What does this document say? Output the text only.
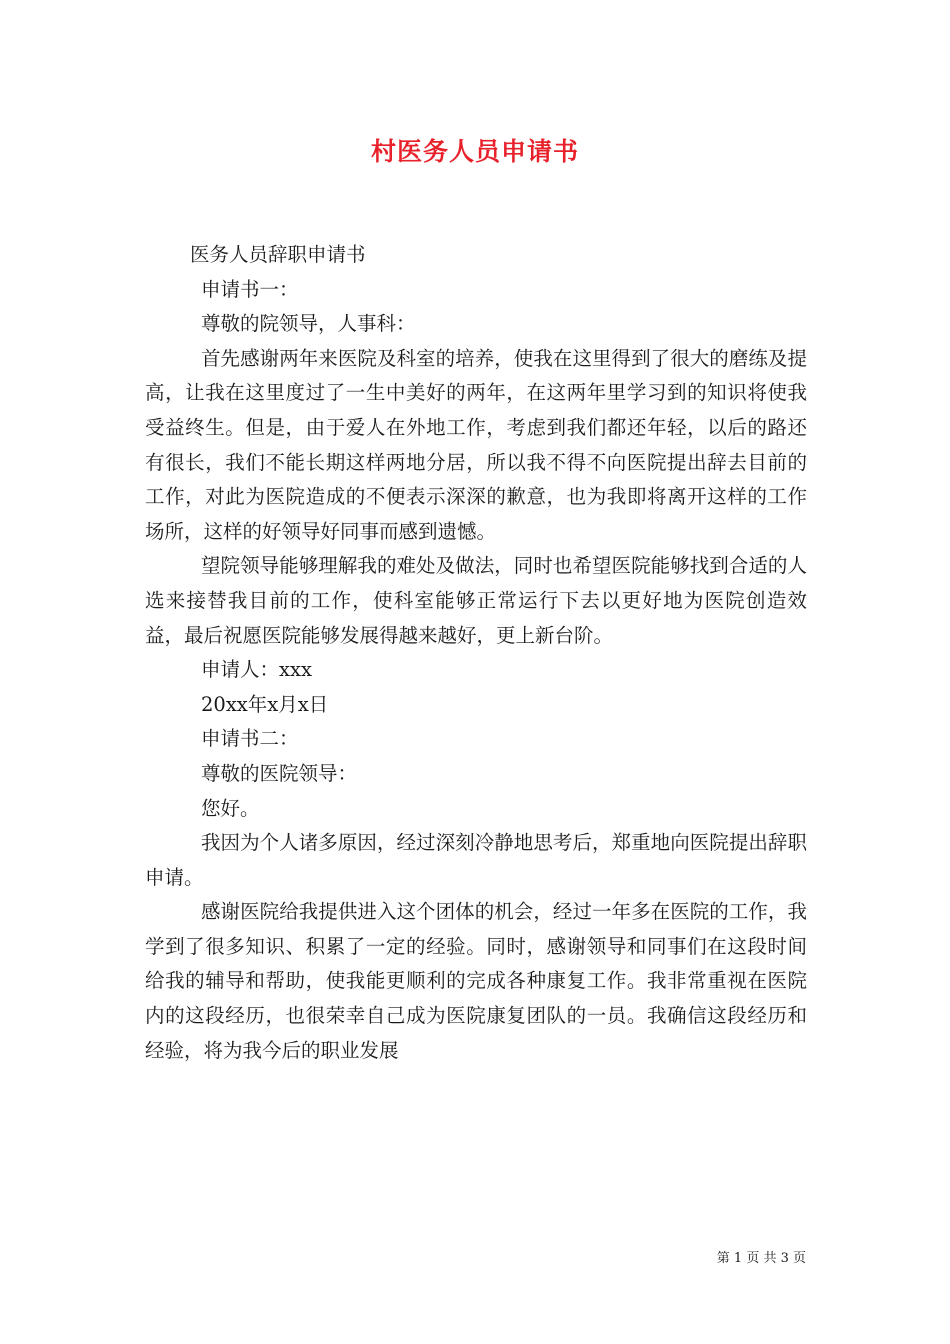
村医务人员申请书

医务人员辞职申请书

申请书一：

尊敬的院领导，人事科：

首先感谢两年来医院及科室的培养，使我在这里得到了很大的磨练及提高，让我在这里度过了一生中美好的两年，在这两年里学习到的知识将使我受益终生。但是，由于爱人在外地工作，考虑到我们都还年轻，以后的路还有很长，我们不能长期这样两地分居，所以我不得不向医院提出辞去目前的工作，对此为医院造成的不便表示深深的歉意，也为我即将离开这样的工作场所，这样的好领导好同事而感到遗憾。

望院领导能够理解我的难处及做法，同时也希望医院能够找到合适的人选来接替我目前的工作，使科室能够正常运行下去以更好地为医院创造效益，最后祝愿医院能够发展得越来越好，更上新台阶。

申请人：xxx

20xx年x月x日

申请书二：

尊敬的医院领导：

您好。

我因为个人诸多原因，经过深刻冷静地思考后，郑重地向医院提出辞职申请。

感谢医院给我提供进入这个团体的机会，经过一年多在医院的工作，我学到了很多知识、积累了一定的经验。同时，感谢领导和同事们在这段时间给我的辅导和帮助，使我能更顺利的完成各种康复工作。我非常重视在医院内的这段经历，也很荣幸自己成为医院康复团队的一员。我确信这段经历和经验，将为我今后的职业发展

第 1 页 共 3 页
